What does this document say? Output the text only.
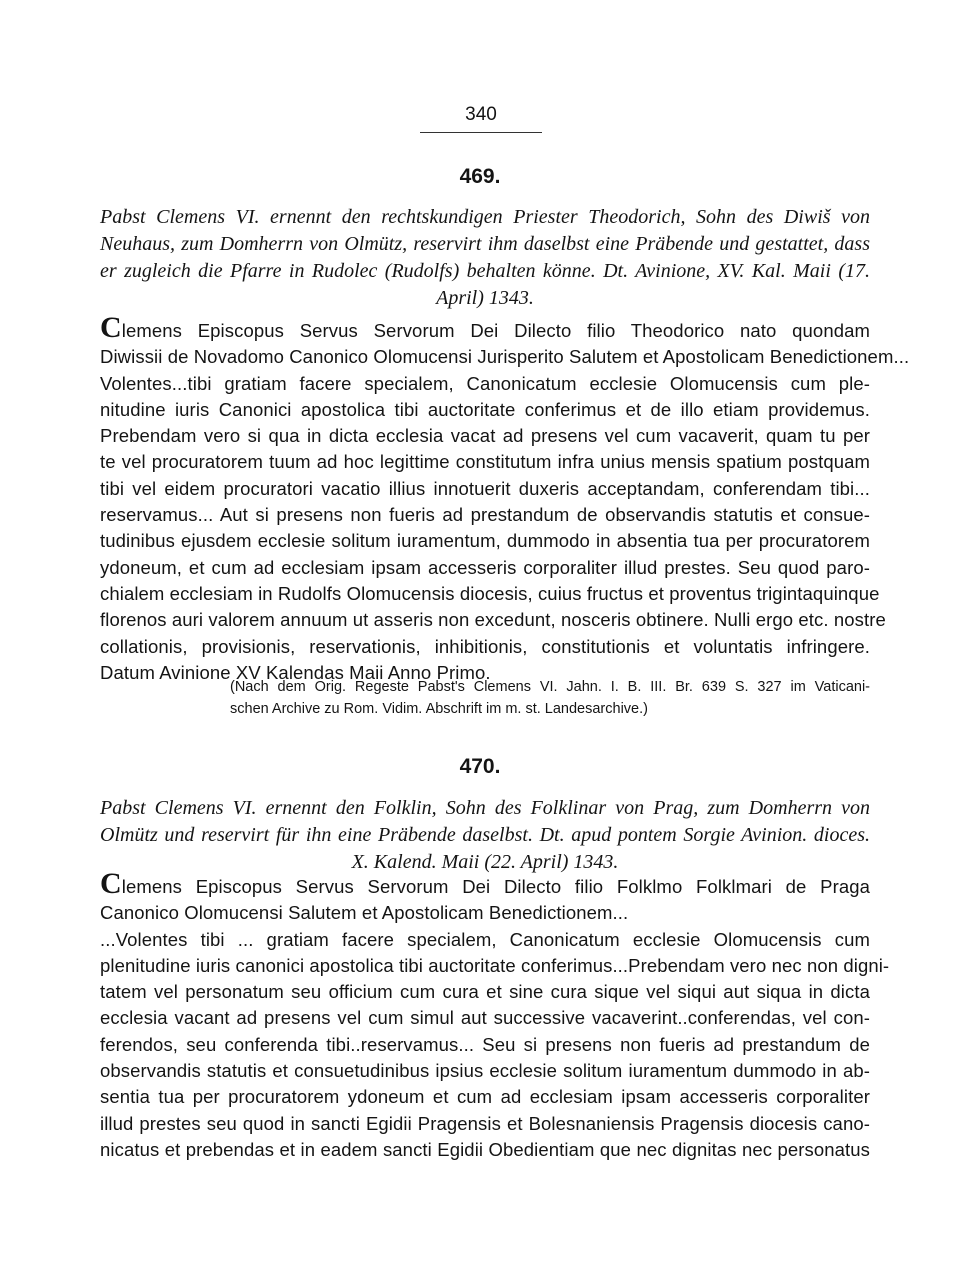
340
469.
Pabst Clemens VI. ernennt den rechtskundigen Priester Theodorich, Sohn des Diwiš von Neuhaus, zum Domherrn von Olmütz, reservirt ihm daselbst eine Präbende und gestattet, dass er zugleich die Pfarre in Rudolec (Rudolfs) behalten könne. Dt. Avinione, XV. Kal. Maii (17. April) 1343.
Clemens Episcopus Servus Servorum Dei Dilecto filio Theodorico nato quondam
Diwissii de Novadomo Canonico Olomucensi Jurisperito Salutem et Apostolicam Benedictionem...
Volentes...tibi gratiam facere specialem, Canonicatum ecclesie Olomucensis cum ple-
nitudine iuris Canonici apostolica tibi auctoritate conferimus et de illo etiam providemus.
Prebendam vero si qua in dicta ecclesia vacat ad presens vel cum vacaverit, quam tu per
te vel procuratorem tuum ad hoc legittime constitutum infra unius mensis spatium postquam
tibi vel eidem procuratori vacatio illius innotuerit duxeris acceptandam, conferendam tibi...
reservamus... Aut si presens non fueris ad prestandum de observandis statutis et consue-
tudinibus ejusdem ecclesie solitum iuramentum, dummodo in absentia tua per procuratorem
ydoneum, et cum ad ecclesiam ipsam accesseris corporaliter illud prestes. Seu quod paro-
chialem ecclesiam in Rudolfs Olomucensis diocesis, cuius fructus et proventus trigintaquinque
florenos auri valorem annuum ut asseris non excedunt, nosceris obtinere. Nulli ergo etc. nostre
collationis, provisionis, reservationis, inhibitionis, constitutionis et voluntatis infringere.
Datum Avinione XV Kalendas Maii Anno Primo.
(Nach dem Orig. Regeste Pabst's Clemens VI. Jahn. I. B. III. Br. 639 S. 327 im Vaticani-
schen Archive zu Rom. Vidim. Abschrift im m. st. Landesarchive.)
470.
Pabst Clemens VI. ernennt den Folklin, Sohn des Folklinar von Prag, zum Domherrn von Olmütz und reservirt für ihn eine Präbende daselbst. Dt. apud pontem Sorgie Avinion. dioces. X. Kalend. Maii (22. April) 1343.
Clemens Episcopus Servus Servorum Dei Dilecto filio Folklmo Folklmari de Praga
Canonico Olomucensi Salutem et Apostolicam Benedictionem...
...Volentes tibi ... gratiam facere specialem, Canonicatum ecclesie Olomucensis cum
plenitudine iuris canonici apostolica tibi auctoritate conferimus...Prebendam vero nec non digni-
tatem vel personatum seu officium cum cura et sine cura sique vel siqui aut siqua in dicta
ecclesia vacant ad presens vel cum simul aut successive vacaverint..conferendas, vel con-
ferendos, seu conferenda tibi..reservamus... Seu si presens non fueris ad prestandum de
observandis statutis et consuetudinibus ipsius ecclesie solitum iuramentum dummodo in ab-
sentia tua per procuratorem ydoneum et cum ad ecclesiam ipsam accesseris corporaliter
illud prestes seu quod in sancti Egidii Pragensis et Bolesnaniensis Pragensis diocesis cano-
nicatus et prebendas et in eadem sancti Egidii Obedientiam que nec dignitas nec personatus
